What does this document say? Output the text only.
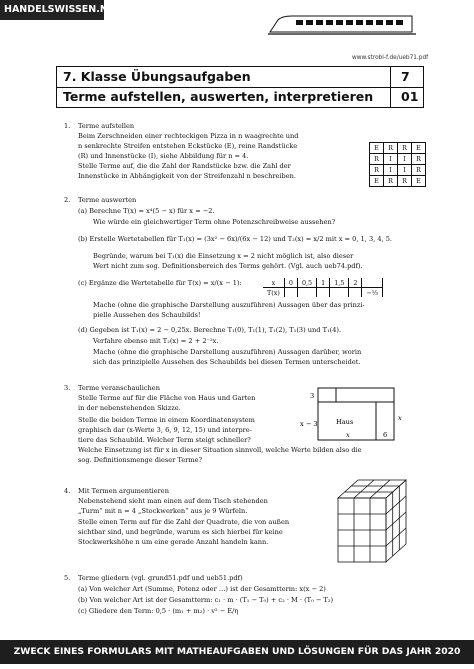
HANDELSWISSEN.NET
www.strobl-f.de/ueb71.pdf
7. Klasse Übungsaufgaben	7
Terme aufstellen, auswerten, interpretieren 01
1. Terme aufstellen
Beim Zerschneiden einer rechteckigen Pizza in n waagrechte und
n senkrechte Streifen entstehen Eckstücke (E), reine Randstücke
(R) und Innenstücke (I), siehe Abbildung für n = 4.
Stelle Terme auf, die die Zahl der Randstücke bzw. die Zahl der
Innenstücke in Abhängigkeit von der Streifenzahl n beschreiben.
E	R	R	E
R	I	I	R
R	I	I	R
E	R	R	E
2. Terme auswerten
(a) Berechne T(x) = x⁴(5 − x) für x = −2.
Wie würde ein gleichwertiger Term ohne Potenzschreibweise aussehen?
(b) Erstelle Wertetabellen für T₁(x) = (3x² − 6x)/(6x − 12) und T₂(x) = x/2 mit x = 0, 1, 3, 4, 5.
Begründe, warum bei T₁(x) die Einsetzung x = 2 nicht möglich ist, also dieser
Wert nicht zum sog. Definitionsbereich des Terms gehört. (Vgl. auch ueb74.pdf).
(c) Ergänze die Wertetabelle für T(x) = x/(x − 1):	x	0	0,5	1	1,5	2	
T(x)						−⅓
Mache (ohne die graphische Darstellung auszuführen) Aussagen über das prinzi-
pielle Aussehen des Schaubilds!
(d) Gegeben ist T₁(x) = 2 − 0,25x. Berechne T₁(0), T₁(1), T₁(2), T₁(3) und T₁(4).
Verfahre ebenso mit T₂(x) = 2 + 2⁻²x.
Mache (ohne die graphische Darstellung auszuführen) Aussagen darüber, worin
sich das prinzipielle Aussehen des Schaubilds bei diesen Termen unterscheidet.
3. Terme veranschaulichen
Stelle Terme auf für die Fläche von Haus und Garten
in der nebenstehenden Skizze.
Stelle die beiden Terme in einem Koordinatensystem
graphisch dar (x-Werte 3, 6, 9, 12, 15) und interpre-
tiere das Schaubild. Welcher Term steigt schneller?
Welche Einsetzung ist für x in dieser Situation sinnvoll, welche Werte bilden also die
sog. Definitionsmenge dieser Terme?
Haus
3
x − 3
x
x	6
4. Mit Termen argumentieren
Nebenstehend sieht man einen auf dem Tisch stehenden
„Turm“ mit n = 4 „Stockwerken“ aus je 9 Würfeln.
Stelle einen Term auf für die Zahl der Quadrate, die von außen
sichtbar sind, und begründe, warum es sich hierbei für keine
Stockwerkshöhe n um eine gerade Anzahl handeln kann.
5. Terme gliedern (vgl. grund51.pdf und ueb51.pdf)
(a) Von welcher Art (Summe, Potenz oder …) ist der Gesamtterm: x(x − 2)
(b) Von welcher Art ist der Gesamtterm: c₁ · m · (T₁ − T₀) + c₂ · M · (T₀ − T₂)
(c) Gliedere den Term: 0,5 · (m₁ + m₂) · v² − E/η
ZWECK EINES FORMULARS MIT MATHEAUFGABEN UND LÖSUNGEN FÜR DAS JAHR 2020
